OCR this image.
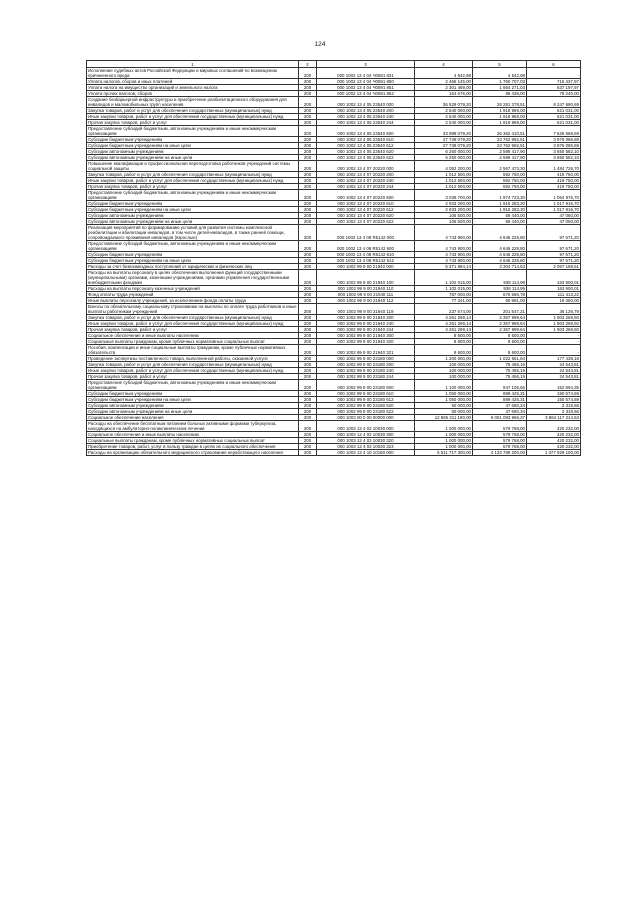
124
1	2	3	4	5	6
Исполнение судебных актов Российской Федерации и мировых соглашений по возмещению причиненного вреда	200	000 1002 13 4 04 Ч0591 831	4 542,98	4 542,98	-
Уплата налогов, сборов и иных платежей	200	000 1002 13 4 04 Ч0591 850	2 466 145,00	1 750 707,03	715 437,97
Уплата налога на имущество организаций и земельного налога	200	000 1002 13 4 04 Ч0591 851	2 301 469,00	1 664 271,03	637 197,97
Уплата прочих налогов, сборов	200	000 1002 13 4 04 Ч0591 852	164 676,00	86 436,00	78 240,00
Создание безбарьерной инфраструктуры и приобретение реабилитационного оборудования для инвалидов и маломобильных групп населения	200	000 1002 13 4 05 23540 000	36 529 079,20	28 281 378,51	8 247 690,69
Закупка товаров, работ и услуг для обеспечения государственных (муниципальных) нужд	200	000 1002 13 4 05 23540 200	2 540 000,00	1 918 969,00	621 031,00
Иные закупки товаров, работ и услуг для обеспечения государственных (муниципальных) нужд	200	000 1002 13 4 05 23540 240	2 540 000,00	1 918 969,00	621 031,00
Прочая закупка товаров, работ и услуг	200	000 1002 13 4 05 23540 244	2 540 000,00	1 918 969,00	621 031,00
Предоставление субсидий бюджетным, автономным учреждениям и иным некоммерческим организациям	200	000 1002 13 4 05 23540 600	33 989 079,20	26 362 410,51	7 626 668,69
Субсидии бюджетным учреждениям	200	000 1002 13 4 05 23540 610	27 739 079,20	23 762 992,51	3 976 086,69
Субсидии бюджетным учреждениям на иные цели	200	000 1002 13 4 05 23540 612	27 739 079,20	23 762 992,51	3 976 086,69
Субсидии автономным учреждениям	200	000 1002 13 4 05 23540 620	6 250 000,00	2 599 417,90	3 650 582,10
Субсидии автономным учреждениям на иные цели	200	000 1002 13 4 05 23540 622	6 250 000,00	2 599 417,90	3 650 582,10
Повышение квалификации и профессиональная переподготовка работников учреждений системы социальной защиты	200	000 1002 13 4 07 20220 000	4 052 200,00	2 567 473,30	1 484 726,70
Закупка товаров, работ и услуг для обеспечения государственных (муниципальных) нужд	200	000 1002 13 4 07 20220 200	1 012 500,00	592 750,00	419 750,00
Иные закупки товаров, работ и услуг для обеспечения государственных (муниципальных) нужд	200	000 1002 13 4 07 20220 240	1 012 500,00	592 750,00	419 750,00
Прочая закупка товаров, работ и услуг	200	000 1002 13 4 07 20220 244	1 012 500,00	592 750,00	419 750,00
Предоставление субсидий бюджетным, автономным учреждениям и иным некоммерческим организациям	200	000 1002 13 4 07 20220 600	3 039 700,00	1 974 723,30	1 064 976,70
Субсидии бюджетным учреждениям	200	000 1002 13 4 07 20220 610	2 933 200,00	1 915 283,30	1 017 916,70
Субсидии бюджетным учреждениям на иные цели	200	000 1002 13 4 07 20220 612	2 933 200,00	1 915 283,30	1 017 916,70
Субсидии автономным учреждениям	200	000 1002 13 4 07 20220 620	106 500,00	59 440,00	47 060,00
Субсидии автономным учреждениям на иные цели	200	000 1002 13 4 07 20220 622	106 500,00	59 440,00	47 060,00
Реализация мероприятий по формированию условий для развития системы комплексной реабилитации и абилитации инвалидов, в том числе детей-инвалидов, в также ранней помощи, сопровождаемого проживания инвалидов (взрослые)	200	000 1002 13 4 08 R5142 000	4 743 900,00	4 646 228,80	97 671,20
Предоставление субсидий бюджетным, автономным учреждениям и иным некоммерческим организациям	200	000 1002 13 4 08 R5142 600	4 743 900,00	4 646 228,80	97 671,20
Субсидии бюджетным учреждениям	200	000 1002 13 4 08 R5142 610	4 743 900,00	4 646 228,80	97 671,20
Субсидии бюджетным учреждениям на иные цели	200	000 1002 13 4 08 R5142 612	4 743 900,00	4 646 228,80	97 671,20
Расходы за счет безвозмездных поступлений от юридических и физических лиц	200	000 1002 99 9 00 21940 000	5 371 884,14	3 304 714,63	2 067 169,51
Расходы на выплаты персоналу в целях обеспечения выполнения функций государственными (муниципальными) органами, казенными учреждениями, органами управления государственными внебюджетными фондами	200	000 1002 99 9 00 21940 100	1 102 015,00	938 114,99	163 900,01
Расходы на выплаты персоналу казенных учреждений	200	000 1002 99 9 00 21940 110	1 102 015,00	938 114,99	163 900,01
Фонд оплаты труда учреждений	200	000 1002 99 9 00 21940 111	787 000,00	675 586,78	111 413,22
Иные выплаты персоналу учреждений, за исключением фонда оплаты труда	200	000 1002 99 9 00 21940 112	77 341,00	60 981,00	16 360,00
Взносы по обязательному социальному страхованию на выплаты по оплате труда работников и иные выплаты работникам учреждений	200	000 1002 99 9 00 21940 119	237 674,00	201 547,21	36 126,79
Закупка товаров, работ и услуг для обеспечения государственных (муниципальных) нужд	200	000 1002 99 9 00 21940 200	4 261 269,14	2 357 999,64	1 903 269,50
Иные закупки товаров, работ и услуг для обеспечения государственных (муниципальных) нужд	200	000 1002 99 9 00 21940 240	4 261 269,14	2 357 999,64	1 903 269,50
Прочая закупка товаров, работ и услуг	200	000 1002 99 9 00 21940 244	4 261 269,14	2 357 999,64	1 903 269,50
Социальное обеспечение и иные выплаты населению	200	000 1002 99 9 00 21940 300	8 600,00	8 600,00	-
Социальные выплаты гражданам, кроме публичных нормативных социальных выплат	200	000 1002 99 9 00 21940 320	8 600,00	8 600,00	-
Пособия, компенсации и иные социальные выплаты гражданам, кроме публичных нормативных обязательств	200	000 1002 99 9 00 21940 321	8 600,00	8 600,00	-
Проведение экспертизы поставленного товара, выполненной работы, оказанной услуги	200	000 1002 99 9 00 23180 000	1 200 000,00	1 022 561,84	177 438,16
Закупка товаров, работ и услуг для обеспечения государственных (муниципальных) нужд	200	000 1002 99 9 00 23180 200	100 000,00	75 456,19	24 543,81
Иные закупки товаров, работ и услуг для обеспечения государственных (муниципальных) нужд	200	000 1002 99 9 00 23180 240	100 000,00	75 456,19	24 543,81
Прочая закупка товаров, работ и услуг	200	000 1002 99 9 00 23180 244	100 000,00	75 456,19	24 543,81
Предоставление субсидий бюджетным, автономным учреждениям и иным некоммерческим организациям	200	000 1002 99 9 00 23180 600	1 100 000,00	947 105,65	152 894,35
Субсидии бюджетным учреждениям	200	000 1002 99 9 00 23180 610	1 050 000,00	899 425,31	150 574,69
Субсидии бюджетным учреждениям на иные цели	200	000 1002 99 9 00 23180 612	1 050 000,00	899 425,31	150 574,69
Субсидии автономным учреждениям	200	000 1002 99 9 00 23180 620	50 000,00	47 680,34	2 319,66
Субсидии автономным учреждениям на иные цели	200	000 1002 99 9 00 23180 622	50 000,00	47 680,34	2 319,66
Социальное обеспечение населения	200	000 1003 00 0 00 00000 000	12 865 211 180,00	9 001 093 966,37	3 864 117 214,63
Расходы на обеспечение бесплатным питанием больных активными формами туберкулеза, находящихся на амбулаторно-поликлиническом лечении	200	000 1003 12 4 02 10030 000	1 000 000,00	579 768,00	420 232,00
Социальное обеспечение и иные выплаты населению	200	000 1003 12 4 02 10030 300	1 000 000,00	579 768,00	420 232,00
Социальные выплаты гражданам, кроме публичных нормативных социальных выплат	200	000 1003 12 4 02 10030 320	1 000 000,00	579 768,00	420 232,00
Приобретение товаров, работ, услуг в пользу граждан в целях их социального обеспечения	200	000 1003 12 4 02 10030 323	1 000 000,00	579 768,00	420 232,00
Расходы на организацию обязательного медицинского страхования неработающего населения	200	000 1003 12 4 10 10160 000	5 511 717 300,00	4 133 788 200,00	1 377 929 100,00
